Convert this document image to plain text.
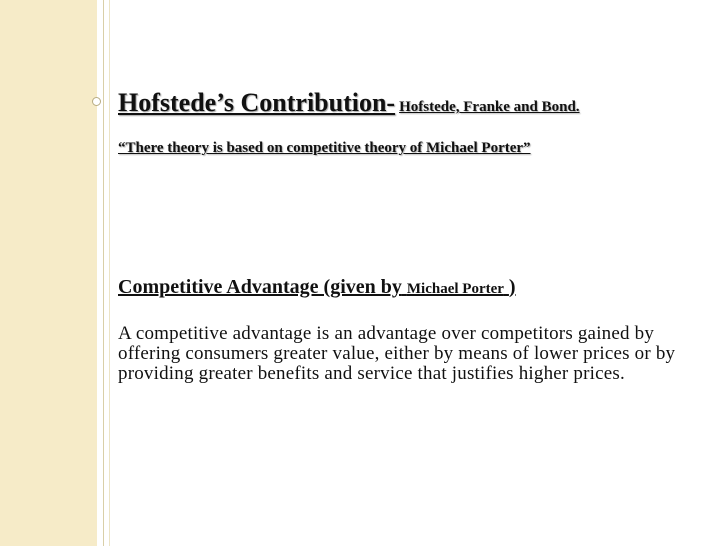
Hofstede’s Contribution- Hofstede, Franke and Bond.
“There theory is based on competitive theory of Michael Porter”
Competitive Advantage (given by Michael Porter )
A competitive advantage is an advantage over competitors gained by offering consumers greater value, either by means of lower prices or by providing greater benefits and service that justifies higher prices.
